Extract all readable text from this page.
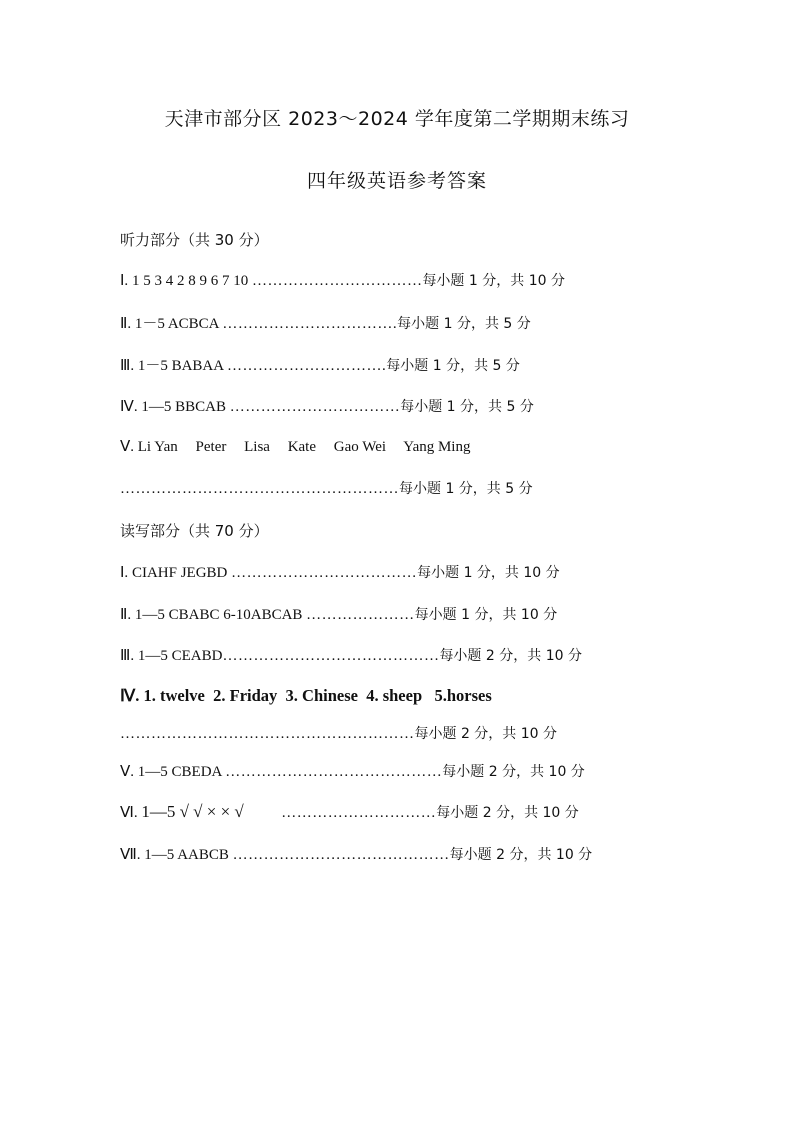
天津市部分区 2023～2024 学年度第二学期期末练习
四年级英语参考答案
听力部分（共 30 分）
Ⅰ. 1 5 3 4 2 8 9 6 7 10 ……………………………每小题 1 分，共 10 分
Ⅱ. 1－5 ACBCA …………………………….每小题 1 分，共 5 分
Ⅲ. 1－5 BABAA ………………………….每小题 1 分，共 5 分
Ⅳ. 1—5 BBCAB ……………………………每小题 1 分，共 5 分
Ⅴ. Li Yan Peter Lisa Kate Gao Wei Yang Ming
………………………………………………每小题 1 分，共 5 分
读写部分（共 70 分）
Ⅰ. CIAHF JEGBD ………………………………每小题 1 分，共 10 分
Ⅱ. 1—5 CBABC 6-10ABCAB …………………每小题 1 分，共 10 分
Ⅲ. 1—5 CEABD……………………………………每小题 2 分，共 10 分
Ⅳ. 1. twelve  2. Friday  3. Chinese  4. sheep   5.horses
…………………………………………………每小题 2 分，共 10 分
Ⅴ. 1—5 CBEDA ……………………………………每小题 2 分，共 10 分
Ⅵ. 1—5 √ √ × × √	…………………………每小题 2 分，共 10 分
Ⅶ. 1—5 AABCB ……………………………………每小题 2 分，共 10 分
